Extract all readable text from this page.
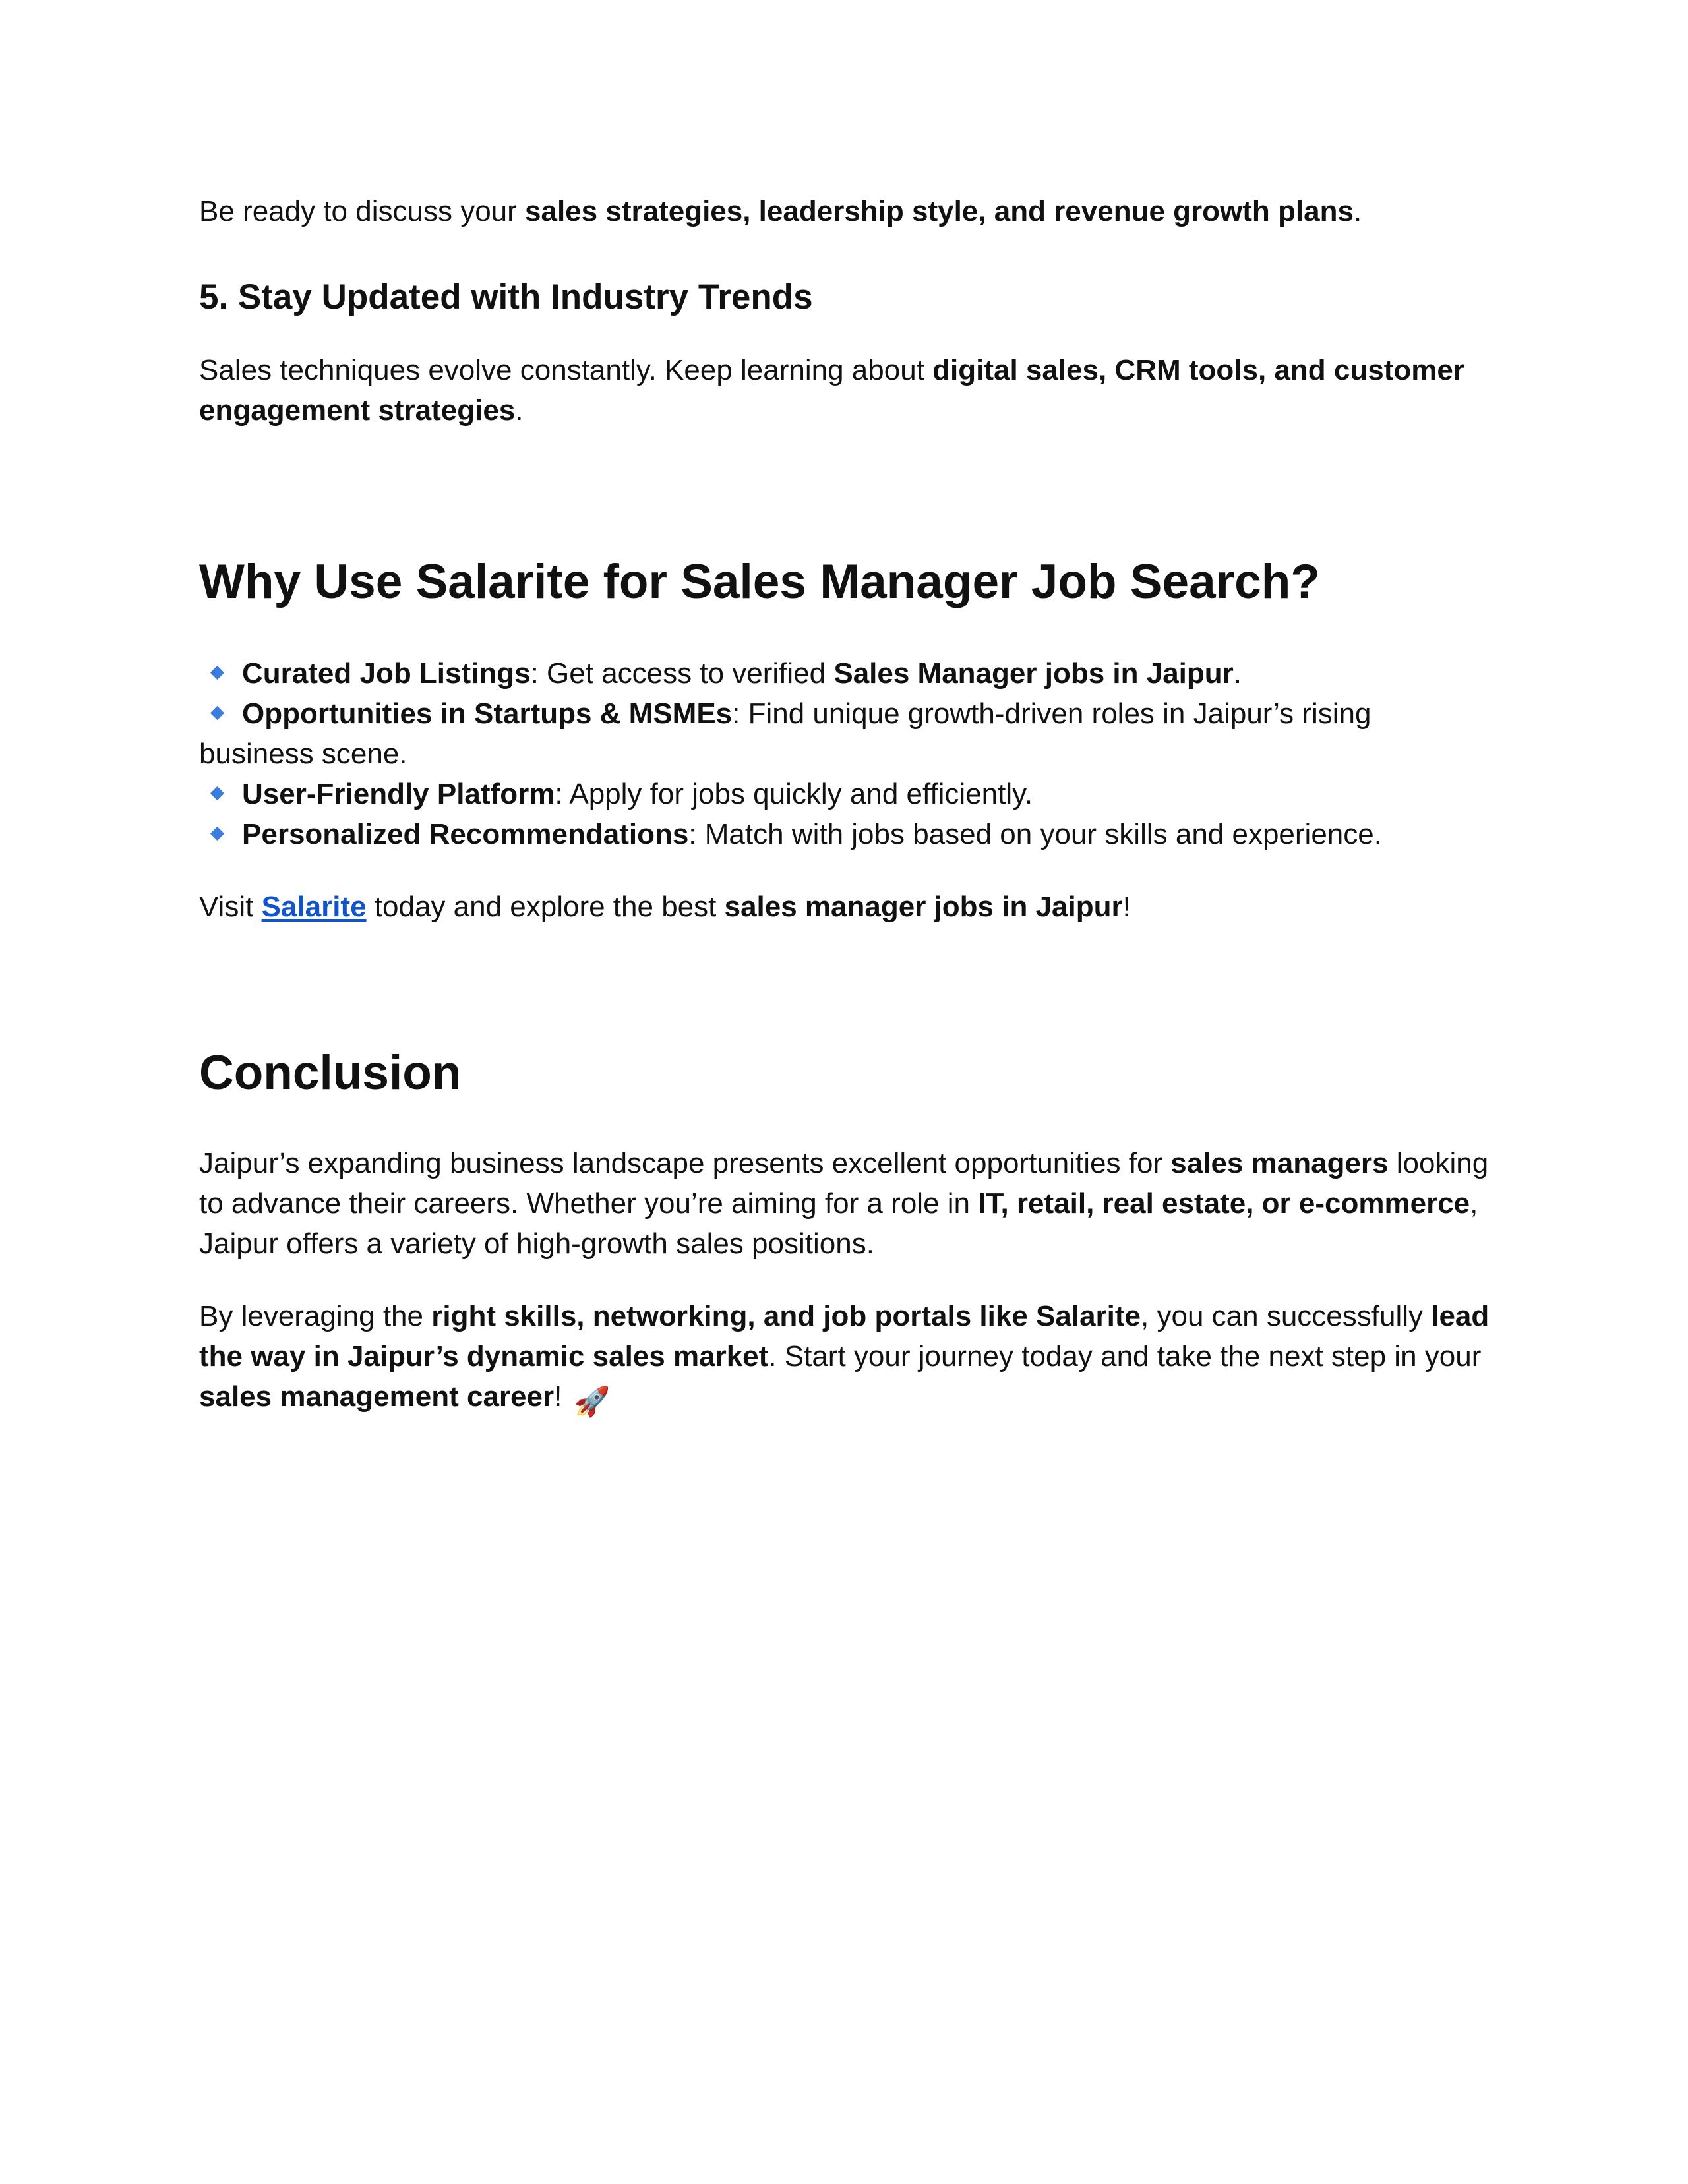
Be ready to discuss your sales strategies, leadership style, and revenue growth plans.

5. Stay Updated with Industry Trends

Sales techniques evolve constantly. Keep learning about digital sales, CRM tools, and customer engagement strategies.

Why Use Salarite for Sales Manager Job Search?
Curated Job Listings: Get access to verified Sales Manager jobs in Jaipur.
Opportunities in Startups & MSMEs: Find unique growth-driven roles in Jaipur’s rising business scene.
User-Friendly Platform: Apply for jobs quickly and efficiently.
Personalized Recommendations: Match with jobs based on your skills and experience.

Visit Salarite today and explore the best sales manager jobs in Jaipur!

Conclusion

Jaipur’s expanding business landscape presents excellent opportunities for sales managers looking to advance their careers. Whether you’re aiming for a role in IT, retail, real estate, or e-commerce, Jaipur offers a variety of high-growth sales positions.

By leveraging the right skills, networking, and job portals like Salarite, you can successfully lead the way in Jaipur’s dynamic sales market. Start your journey today and take the next step in your sales management career! 🚀
